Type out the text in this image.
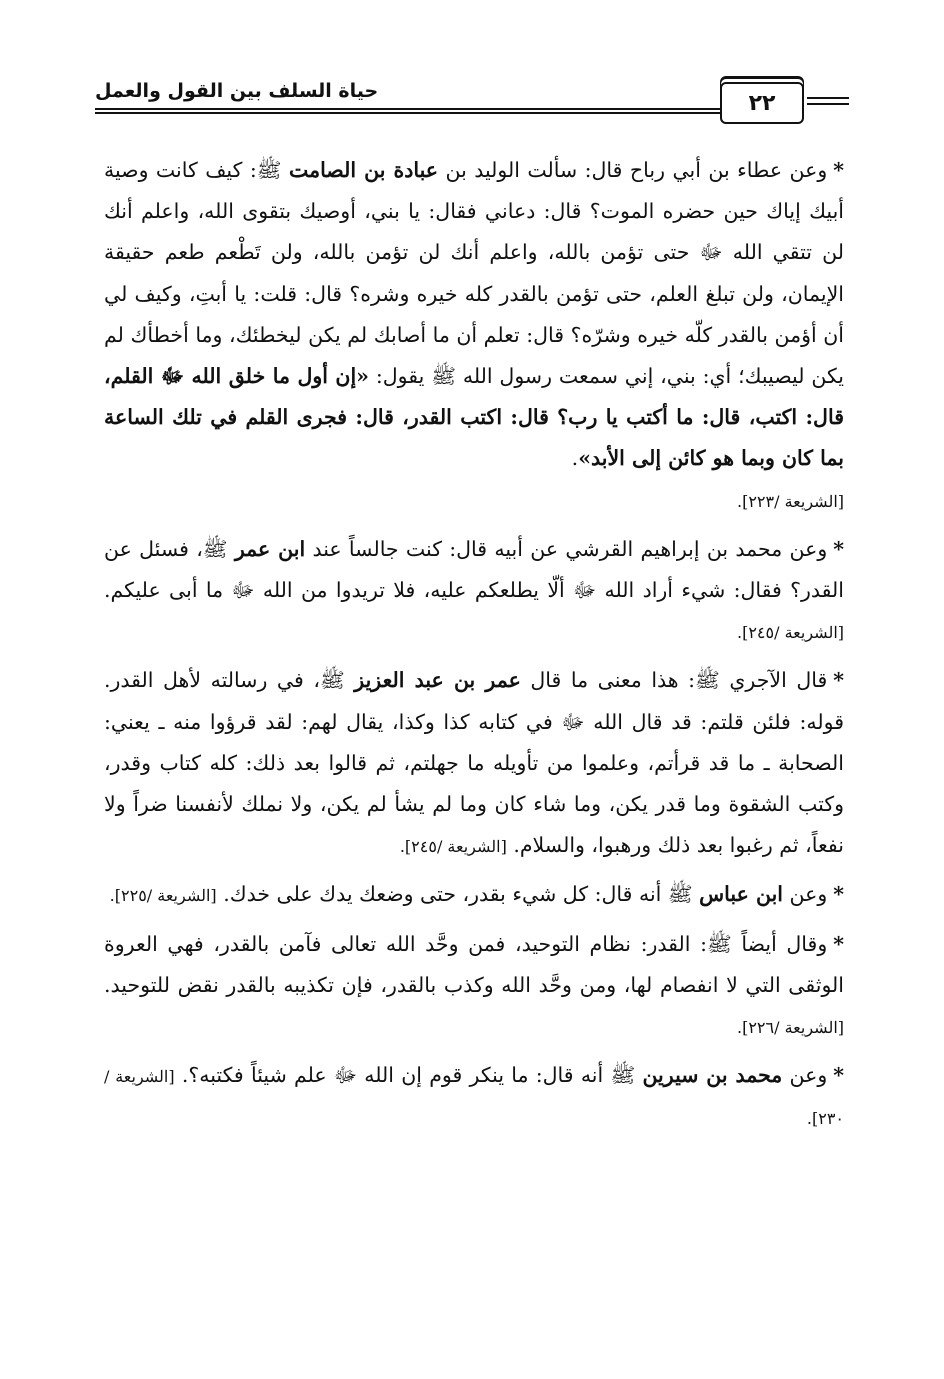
حياة السلف بين القول والعمل	٢٢

*وعن عطاء بن أبي رباح قال: سألت الوليد بن عبادة بن الصامت ﷺ: كيف كانت وصية أبيك إياك حين حضره الموت؟ قال: دعاني فقال: يا بني، أوصيك بتقوى الله، واعلم أنك لن تتقي الله ﷻ حتى تؤمن بالله، واعلم أنك لن تؤمن بالله، ولن تَطْعم طعم حقيقة الإيمان، ولن تبلغ العلم، حتى تؤمن بالقدر كله خيره وشره؟ قال: قلت: يا أبتِ، وكيف لي أن أؤمن بالقدر كلّه خيره وشرّه؟ قال: تعلم أن ما أصابك لم يكن ليخطئك، وما أخطأك لم يكن ليصيبك؛ أي: بني، إني سمعت رسول الله ﷺ يقول: «إن أول ما خلق الله ﷻ القلم، قال: اكتب، قال: ما أكتب يا رب؟ قال: اكتب القدر، قال: فجرى القلم في تلك الساعة بما كان وبما هو كائن إلى الأبد».
[الشريعة /٢٢٣].

*وعن محمد بن إبراهيم القرشي عن أبيه قال: كنت جالساً عند ابن عمر ﷺ، فسئل عن القدر؟ فقال: شيء أراد الله ﷻ ألّا يطلعكم عليه، فلا تريدوا من الله ﷻ ما أبى عليكم. [الشريعة /٢٤٥].

*قال الآجري ﷺ: هذا معنى ما قال عمر بن عبد العزيز ﷺ، في رسالته لأهل القدر. قوله: فلئن قلتم: قد قال الله ﷻ في كتابه كذا وكذا، يقال لهم: لقد قرؤوا منه ـ يعني: الصحابة ـ ما قد قرأتم، وعلموا من تأويله ما جهلتم، ثم قالوا بعد ذلك: كله كتاب وقدر، وكتب الشقوة وما قدر يكن، وما شاء كان وما لم يشأ لم يكن، ولا نملك لأنفسنا ضراً ولا نفعاً، ثم رغبوا بعد ذلك ورهبوا، والسلام. [الشريعة /٢٤٥].

*وعن ابن عباس ﷺ أنه قال: كل شيء بقدر، حتى وضعك يدك على خدك. [الشريعة /٢٢٥].

*وقال أيضاً ﷺ: القدر: نظام التوحيد، فمن وحَّد الله تعالى فآمن بالقدر، فهي العروة الوثقى التي لا انفصام لها، ومن وحَّد الله وكذب بالقدر، فإن تكذيبه بالقدر نقض للتوحيد. [الشريعة /٢٢٦].

*وعن محمد بن سيرين ﷺ أنه قال: ما ينكر قوم إن الله ﷻ علم شيئاً فكتبه؟. [الشريعة /٢٣٠].
